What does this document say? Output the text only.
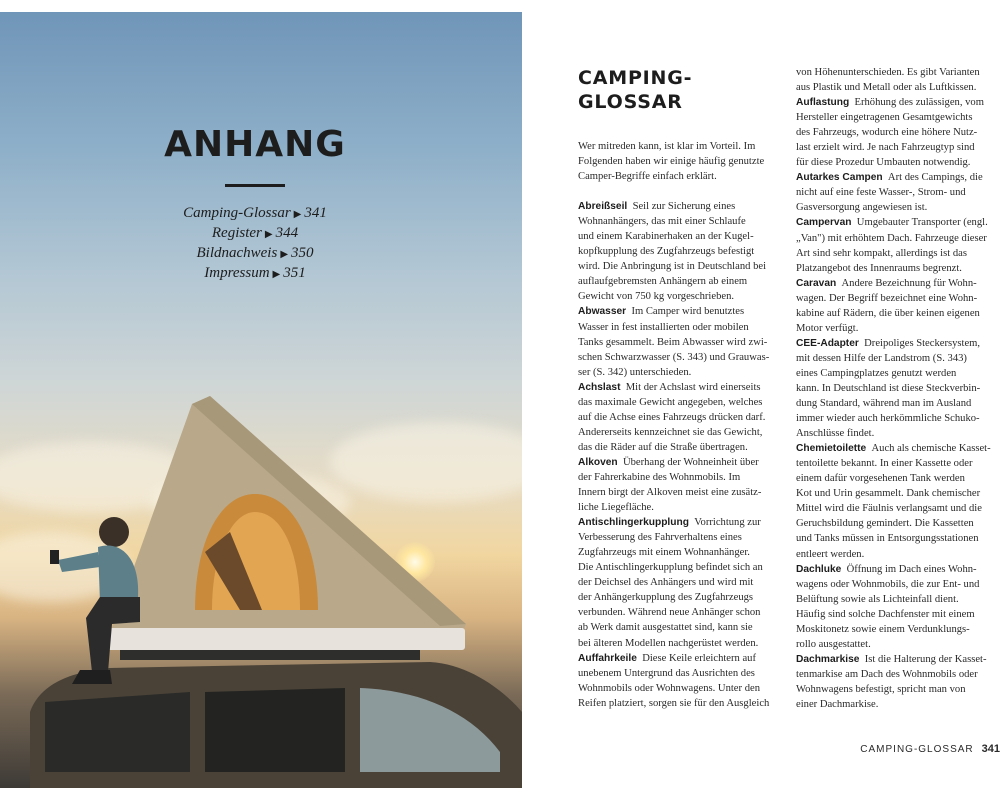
ANHANG
Camping-Glossar ▶ 341
Register ▶ 344
Bildnachweis ▶ 350
Impressum ▶ 351
CAMPING-
GLOSSAR
Wer mitreden kann, ist klar im Vorteil. Im
Folgenden haben wir einige häufig genutzte
Camper-Begriffe einfach erklärt.
Abreißseil Seil zur Sicherung eines
Wohnanhängers, das mit einer Schlaufe
und einem Karabinerhaken an der Kugel-
kopfkupplung des Zugfahrzeugs befestigt
wird. Die Anbringung ist in Deutschland bei
auflaufgebremsten Anhängern ab einem
Gewicht von 750 kg vorgeschrieben.
Abwasser Im Camper wird benutztes
Wasser in fest installierten oder mobilen
Tanks gesammelt. Beim Abwasser wird zwi-
schen Schwarzwasser (S. 343) und Grauwas-
ser (S. 342) unterschieden.
Achslast Mit der Achslast wird einerseits
das maximale Gewicht angegeben, welches
auf die Achse eines Fahrzeugs drücken darf.
Andererseits kennzeichnet sie das Gewicht,
das die Räder auf die Straße übertragen.
Alkoven Überhang der Wohneinheit über
der Fahrerkabine des Wohnmobils. Im
Innern birgt der Alkoven meist eine zusätz-
liche Liegefläche.
Antischlingerkupplung Vorrichtung zur
Verbesserung des Fahrverhaltens eines
Zugfahrzeugs mit einem Wohnanhänger.
Die Antischlingerkupplung befindet sich an
der Deichsel des Anhängers und wird mit
der Anhängerkupplung des Zugfahrzeugs
verbunden. Während neue Anhänger schon
ab Werk damit ausgestattet sind, kann sie
bei älteren Modellen nachgerüstet werden.
Auffahrkeile Diese Keile erleichtern auf
unebenem Untergrund das Ausrichten des
Wohnmobils oder Wohnwagens. Unter den
Reifen platziert, sorgen sie für den Ausgleich
von Höhenunterschieden. Es gibt Varianten
aus Plastik und Metall oder als Luftkissen.
Auflastung Erhöhung des zulässigen, vom
Hersteller eingetragenen Gesamtgewichts
des Fahrzeugs, wodurch eine höhere Nutz-
last erzielt wird. Je nach Fahrzeugtyp sind
für diese Prozedur Umbauten notwendig.
Autarkes Campen Art des Campings, die
nicht auf eine feste Wasser-, Strom- und
Gasversorgung angewiesen ist.
Campervan Umgebauter Transporter (engl.
„Van") mit erhöhtem Dach. Fahrzeuge dieser
Art sind sehr kompakt, allerdings ist das
Platzangebot des Innenraums begrenzt.
Caravan Andere Bezeichnung für Wohn-
wagen. Der Begriff bezeichnet eine Wohn-
kabine auf Rädern, die über keinen eigenen
Motor verfügt.
CEE-Adapter Dreipoliges Steckersystem,
mit dessen Hilfe der Landstrom (S. 343)
eines Campingplatzes genutzt werden
kann. In Deutschland ist diese Steckverbin-
dung Standard, während man im Ausland
immer wieder auch herkömmliche Schuko-
Anschlüsse findet.
Chemietoilette Auch als chemische Kasset-
tentoilette bekannt. In einer Kassette oder
einem dafür vorgesehenen Tank werden
Kot und Urin gesammelt. Dank chemischer
Mittel wird die Fäulnis verlangsamt und die
Geruchsbildung gemindert. Die Kassetten
und Tanks müssen in Entsorgungsstationen
entleert werden.
Dachluke Öffnung im Dach eines Wohn-
wagens oder Wohnmobils, die zur Ent- und
Belüftung sowie als Lichteinfall dient.
Häufig sind solche Dachfenster mit einem
Moskitonetz sowie einem Verdunklungs-
rollo ausgestattet.
Dachmarkise Ist die Halterung der Kasset-
tenmarkise am Dach des Wohnmobils oder
Wohnwagens befestigt, spricht man von
einer Dachmarkise.
CAMPING-GLOSSAR 341
